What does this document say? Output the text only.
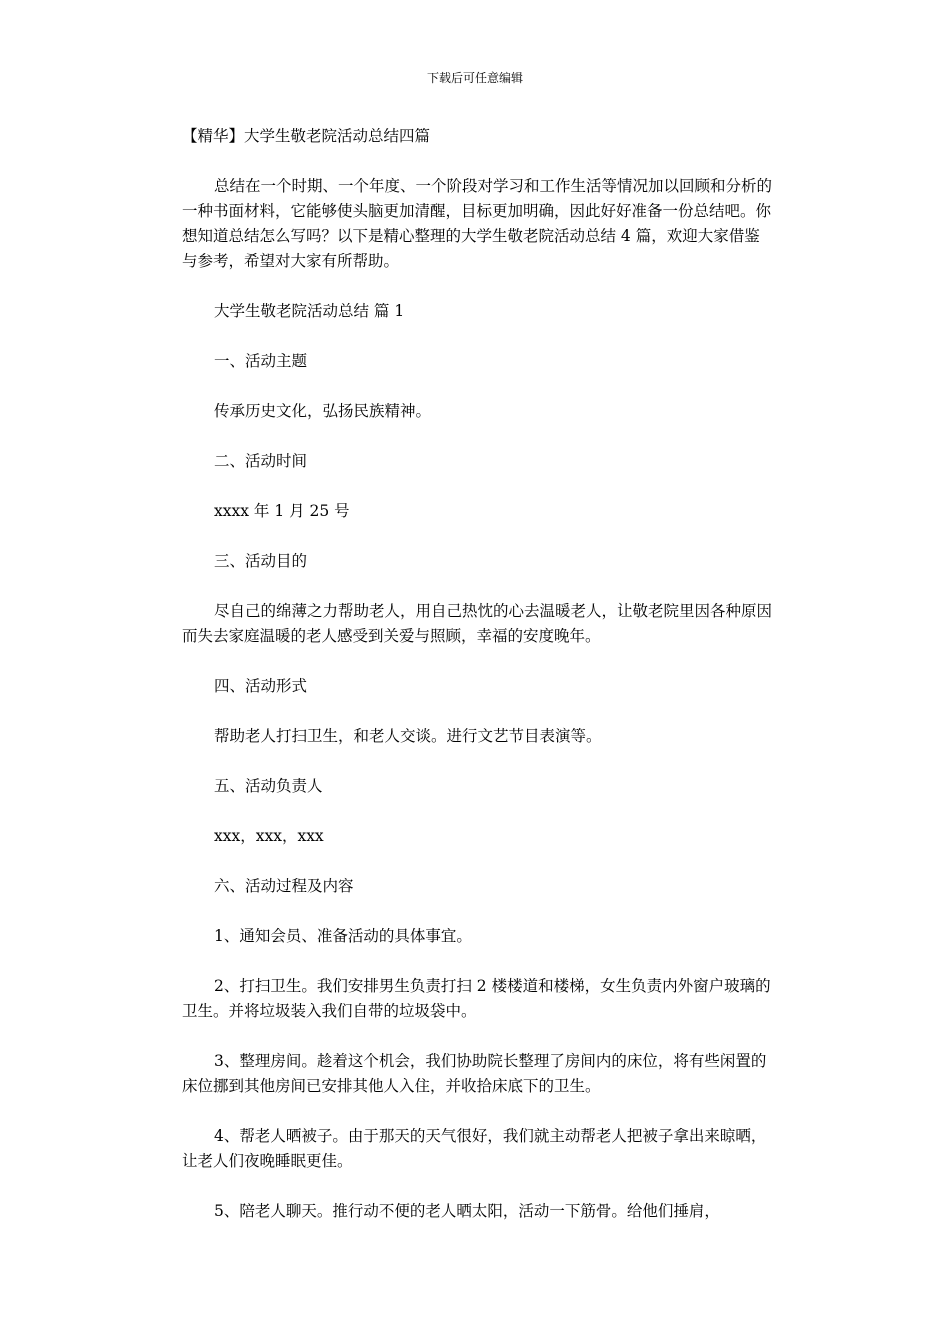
下载后可任意编辑

【精华】大学生敬老院活动总结四篇

总结在一个时期、一个年度、一个阶段对学习和工作生活等情况加以回顾和分析的一种书面材料，它能够使头脑更加清醒，目标更加明确，因此好好准备一份总结吧。你想知道总结怎么写吗？以下是精心整理的大学生敬老院活动总结 4 篇，欢迎大家借鉴与参考，希望对大家有所帮助。

大学生敬老院活动总结 篇 1

一、活动主题

传承历史文化，弘扬民族精神。

二、活动时间

xxxx 年 1 月 25 号

三、活动目的

尽自己的绵薄之力帮助老人，用自己热忱的心去温暖老人，让敬老院里因各种原因而失去家庭温暖的老人感受到关爱与照顾，幸福的安度晚年。

四、活动形式

帮助老人打扫卫生，和老人交谈。进行文艺节目表演等。

五、活动负责人

xxx，xxx，xxx

六、活动过程及内容

1、通知会员、准备活动的具体事宜。

2、打扫卫生。我们安排男生负责打扫 2 楼楼道和楼梯，女生负责内外窗户玻璃的卫生。并将垃圾装入我们自带的垃圾袋中。

3、整理房间。趁着这个机会，我们协助院长整理了房间内的床位，将有些闲置的床位挪到其他房间已安排其他人入住，并收拾床底下的卫生。

4、帮老人晒被子。由于那天的天气很好，我们就主动帮老人把被子拿出来晾晒，让老人们夜晚睡眠更佳。

5、陪老人聊天。推行动不便的老人晒太阳，活动一下筋骨。给他们捶肩，
